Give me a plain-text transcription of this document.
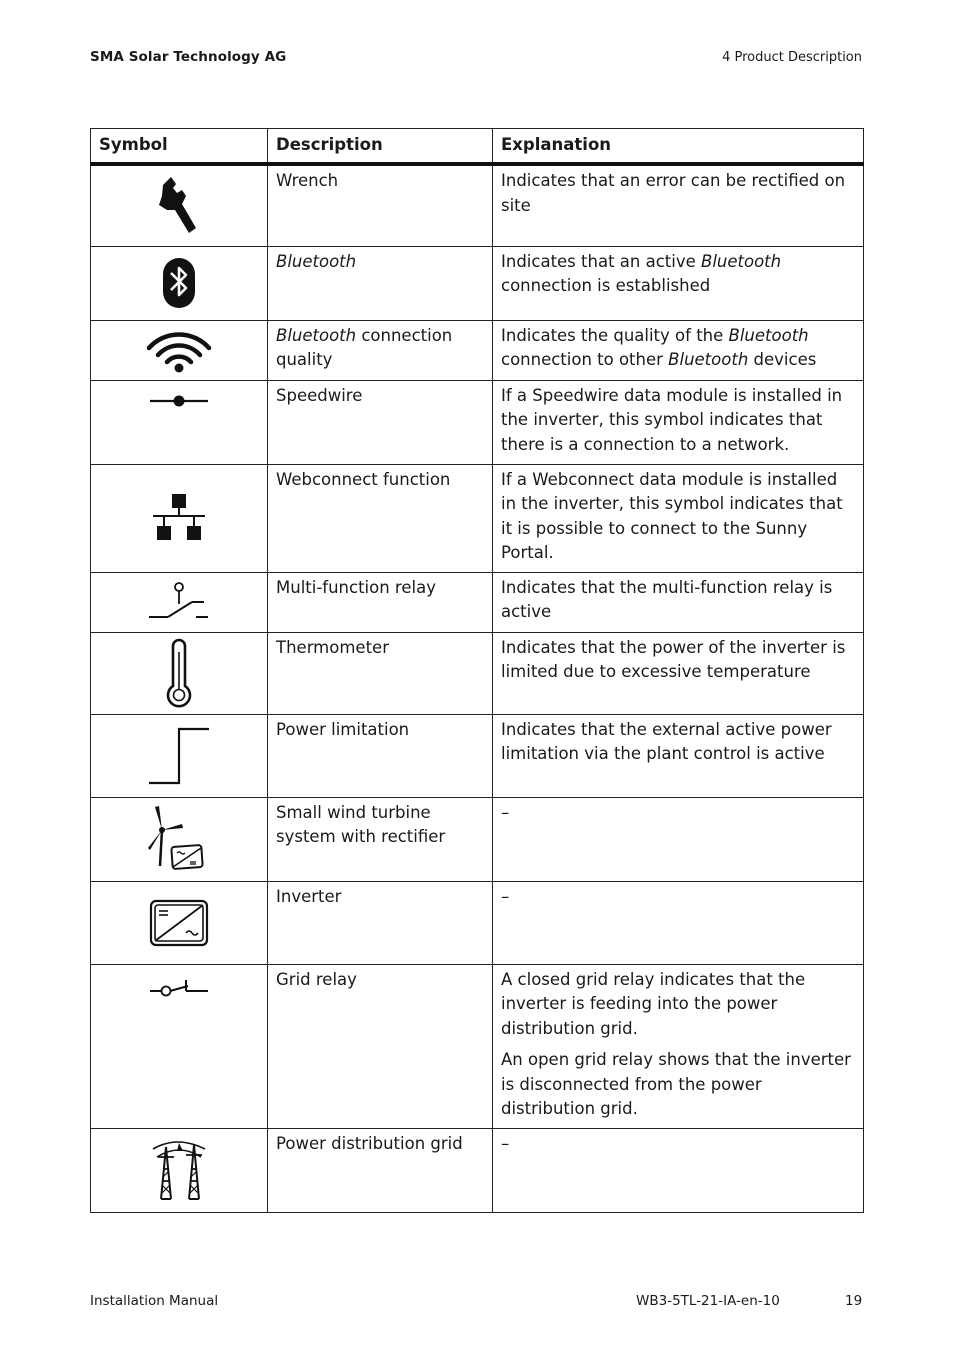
SMA Solar Technology AG	4 Product Description
Symbol	Description	Explanation

	Wrench	Indicates that an error can be rectified on site

	Bluetooth	Indicates that an active Bluetooth connection is established

	Bluetooth connection quality	Indicates the quality of the Bluetooth connection to other Bluetooth devices

	Speedwire	If a Speedwire data module is installed in the inverter, this symbol indicates that there is a connection to a network.

	Webconnect function	If a Webconnect data module is installed in the inverter, this symbol indicates that it is possible to connect to the Sunny Portal.

	Multi-function relay	Indicates that the multi-function relay is active

	Thermometer	Indicates that the power of the inverter is limited due to excessive temperature

	Power limitation	Indicates that the external active power limitation via the plant control is active

	Small wind turbine system with rectifier	–

	Inverter	–

	Grid relay	A closed grid relay indicates that the inverter is feeding into the power distribution grid.
An open grid relay shows that the inverter is disconnected from the power distribution grid.

	Power distribution grid	–
Installation Manual	WB3-5TL-21-IA-en-10	19
